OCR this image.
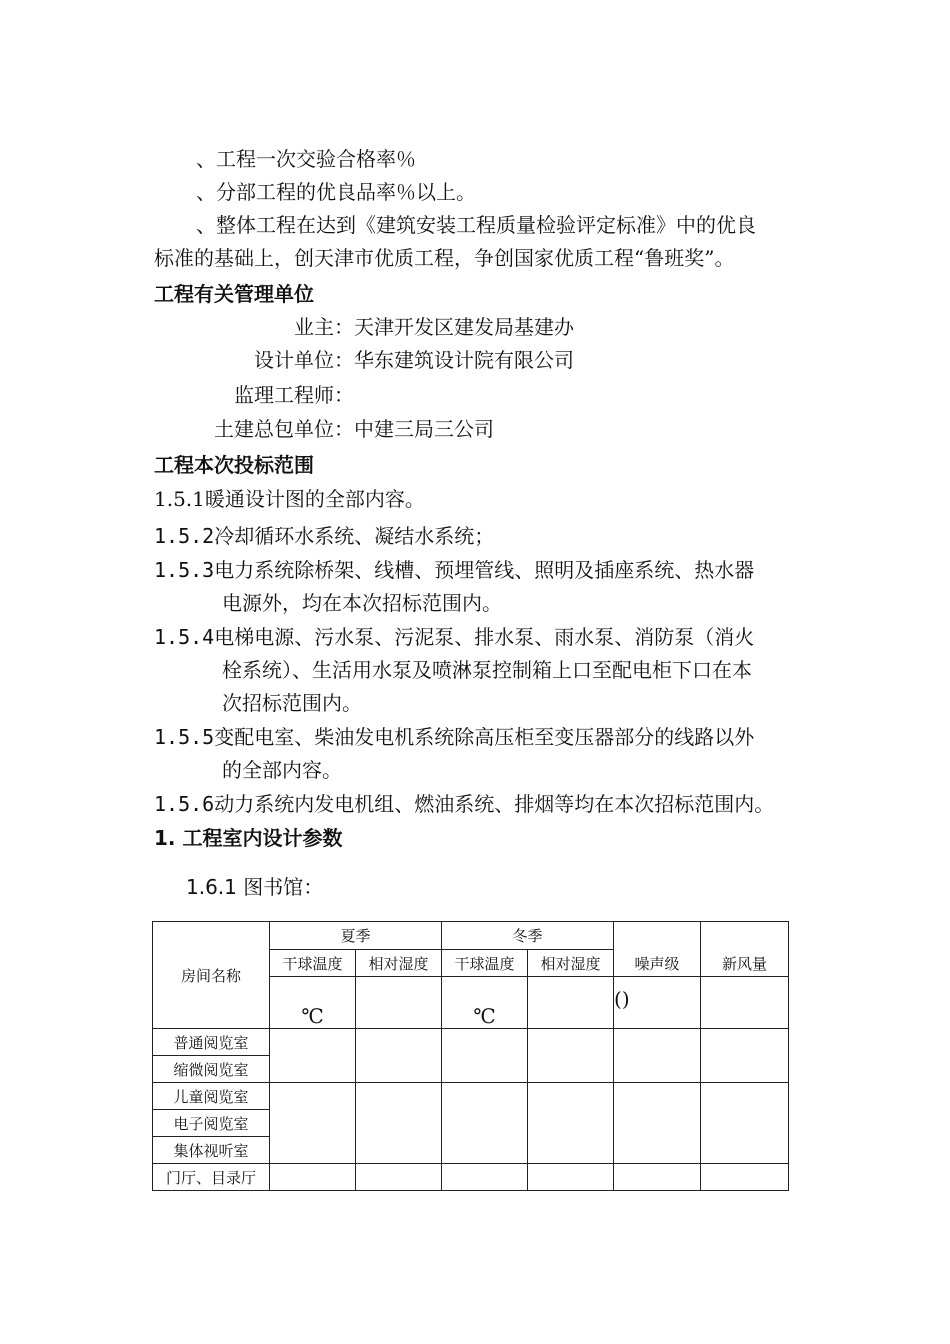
、工程一次交验合格率％
、分部工程的优良品率％以上。
、整体工程在达到《建筑安装工程质量检验评定标准》中的优良
标准的基础上，创天津市优质工程，争创国家优质工程“鲁班奖”。
工程有关管理单位
业主：天津开发区建发局基建办
设计单位：华东建筑设计院有限公司
监理工程师：
土建总包单位：中建三局三公司
工程本次投标范围
1.5.1暖通设计图的全部内容。
1.5.2冷却循环水系统、凝结水系统；
1.5.3电力系统除桥架、线槽、预埋管线、照明及插座系统、热水器
电源外，均在本次招标范围内。
1.5.4电梯电源、污水泵、污泥泵、排水泵、雨水泵、消防泵（消火
栓系统）、生活用水泵及喷淋泵控制箱上口至配电柜下口在本
次招标范围内。
1.5.5变配电室、柴油发电机系统除高压柜至变压器部分的线路以外
的全部内容。
1.5.6动力系统内发电机组、燃油系统、排烟等均在本次招标范围内。
1. 工程室内设计参数
1.6.1 图书馆：
房间名称	夏季		冬季		噪声级	新风量
	干球温度	相对湿度	干球温度	相对湿度		
	℃		℃		()	
普通阅览室						
缩微阅览室						
儿童阅览室						
电子阅览室						
集体视听室						
门厅、目录厅						
